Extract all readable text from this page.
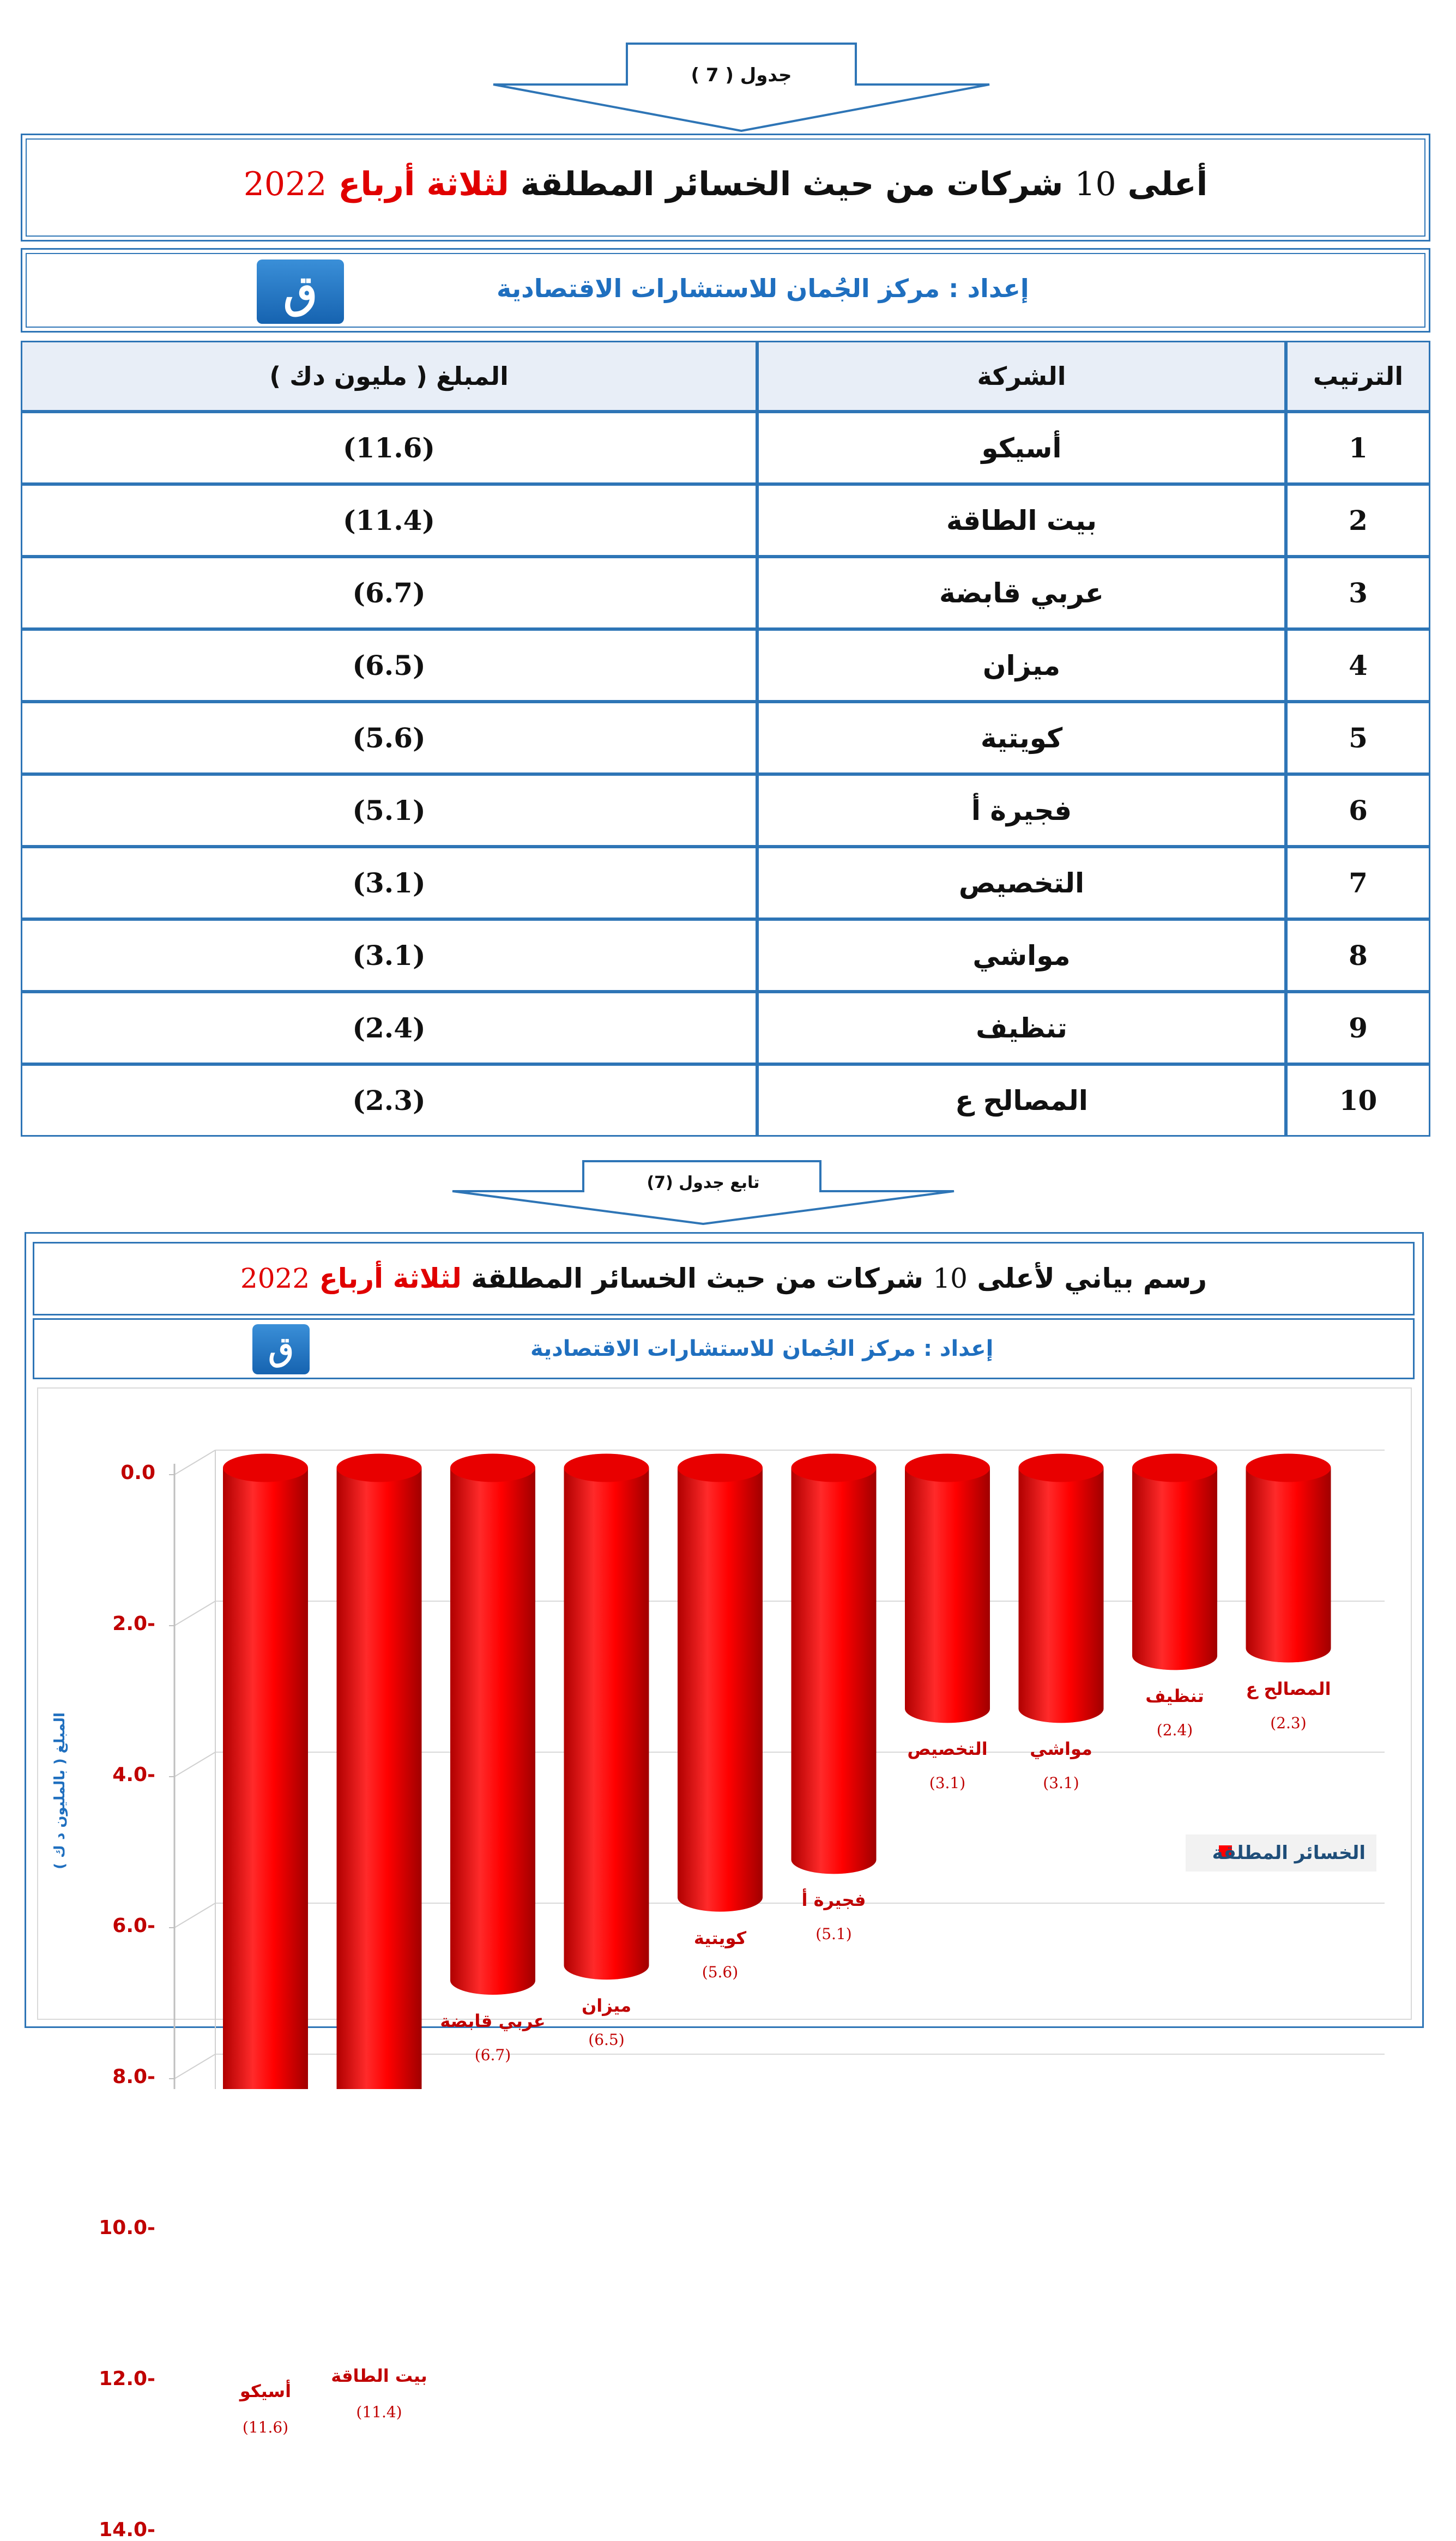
جدول ( 7 )
أعلى 10 شركات من حيث الخسائر المطلقة لثلاثة أرباع 2022
إعداد : مركز الجُمان للاستشارات الاقتصادية
ق
الترتيب	الشركة	المبلغ ( مليون دك )
1	أسيكو	(11.6)
2	بيت الطاقة	(11.4)
3	عربي قابضة	(6.7)
4	ميزان	(6.5)
5	كويتية	(5.6)
6	فجيرة أ	(5.1)
7	التخصيص	(3.1)
8	مواشي	(3.1)
9	تنظيف	(2.4)
10	المصالح ع	(2.3)
تابع جدول (7)
رسم بياني لأعلى 10 شركات من حيث الخسائر المطلقة لثلاثة أرباع 2022
إعداد : مركز الجُمان للاستشارات الاقتصادية
ق
0.0
2.0-
4.0-
6.0-
8.0-
10.0-
12.0-
14.0-
أسيكو
(11.6)
بيت الطاقة
(11.4)
عربي قابضة
(6.7)
ميزان
(6.5)
كويتية
(5.6)
فجيرة أ
(5.1)
التخصيص
(3.1)
مواشي
(3.1)
تنظيف
(2.4)
المصالح ع
(2.3)
الخسائر المطلقة
المبلغ ( بالمليون د ك )
